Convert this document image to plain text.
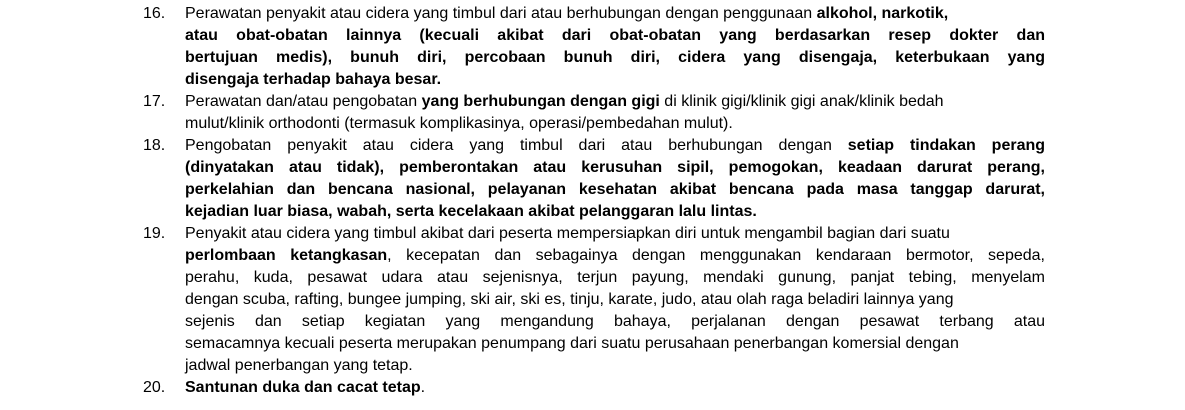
16. Perawatan penyakit atau cidera yang timbul dari atau berhubungan dengan penggunaan alkohol, narkotik,
atau obat-obatan lainnya (kecuali akibat dari obat-obatan yang berdasarkan resep dokter dan
bertujuan medis), bunuh diri, percobaan bunuh diri, cidera yang disengaja, keterbukaan yang
disengaja terhadap bahaya besar.
17. Perawatan dan/atau pengobatan yang berhubungan dengan gigi di klinik gigi/klinik gigi anak/klinik bedah
mulut/klinik orthodonti (termasuk komplikasinya, operasi/pembedahan mulut).
18. Pengobatan penyakit atau cidera yang timbul dari atau berhubungan dengan setiap tindakan perang
(dinyatakan atau tidak), pemberontakan atau kerusuhan sipil, pemogokan, keadaan darurat perang,
perkelahian dan bencana nasional, pelayanan kesehatan akibat bencana pada masa tanggap darurat,
kejadian luar biasa, wabah, serta kecelakaan akibat pelanggaran lalu lintas.
19. Penyakit atau cidera yang timbul akibat dari peserta mempersiapkan diri untuk mengambil bagian dari suatu
perlombaan ketangkasan, kecepatan dan sebagainya dengan menggunakan kendaraan bermotor, sepeda,
perahu, kuda, pesawat udara atau sejenisnya, terjun payung, mendaki gunung, panjat tebing, menyelam
dengan scuba, rafting, bungee jumping, ski air, ski es, tinju, karate, judo, atau olah raga beladiri lainnya yang
sejenis dan setiap kegiatan yang mengandung bahaya, perjalanan dengan pesawat terbang atau
semacamnya kecuali peserta merupakan penumpang dari suatu perusahaan penerbangan komersial dengan
jadwal penerbangan yang tetap.
20. Santunan duka dan cacat tetap.
